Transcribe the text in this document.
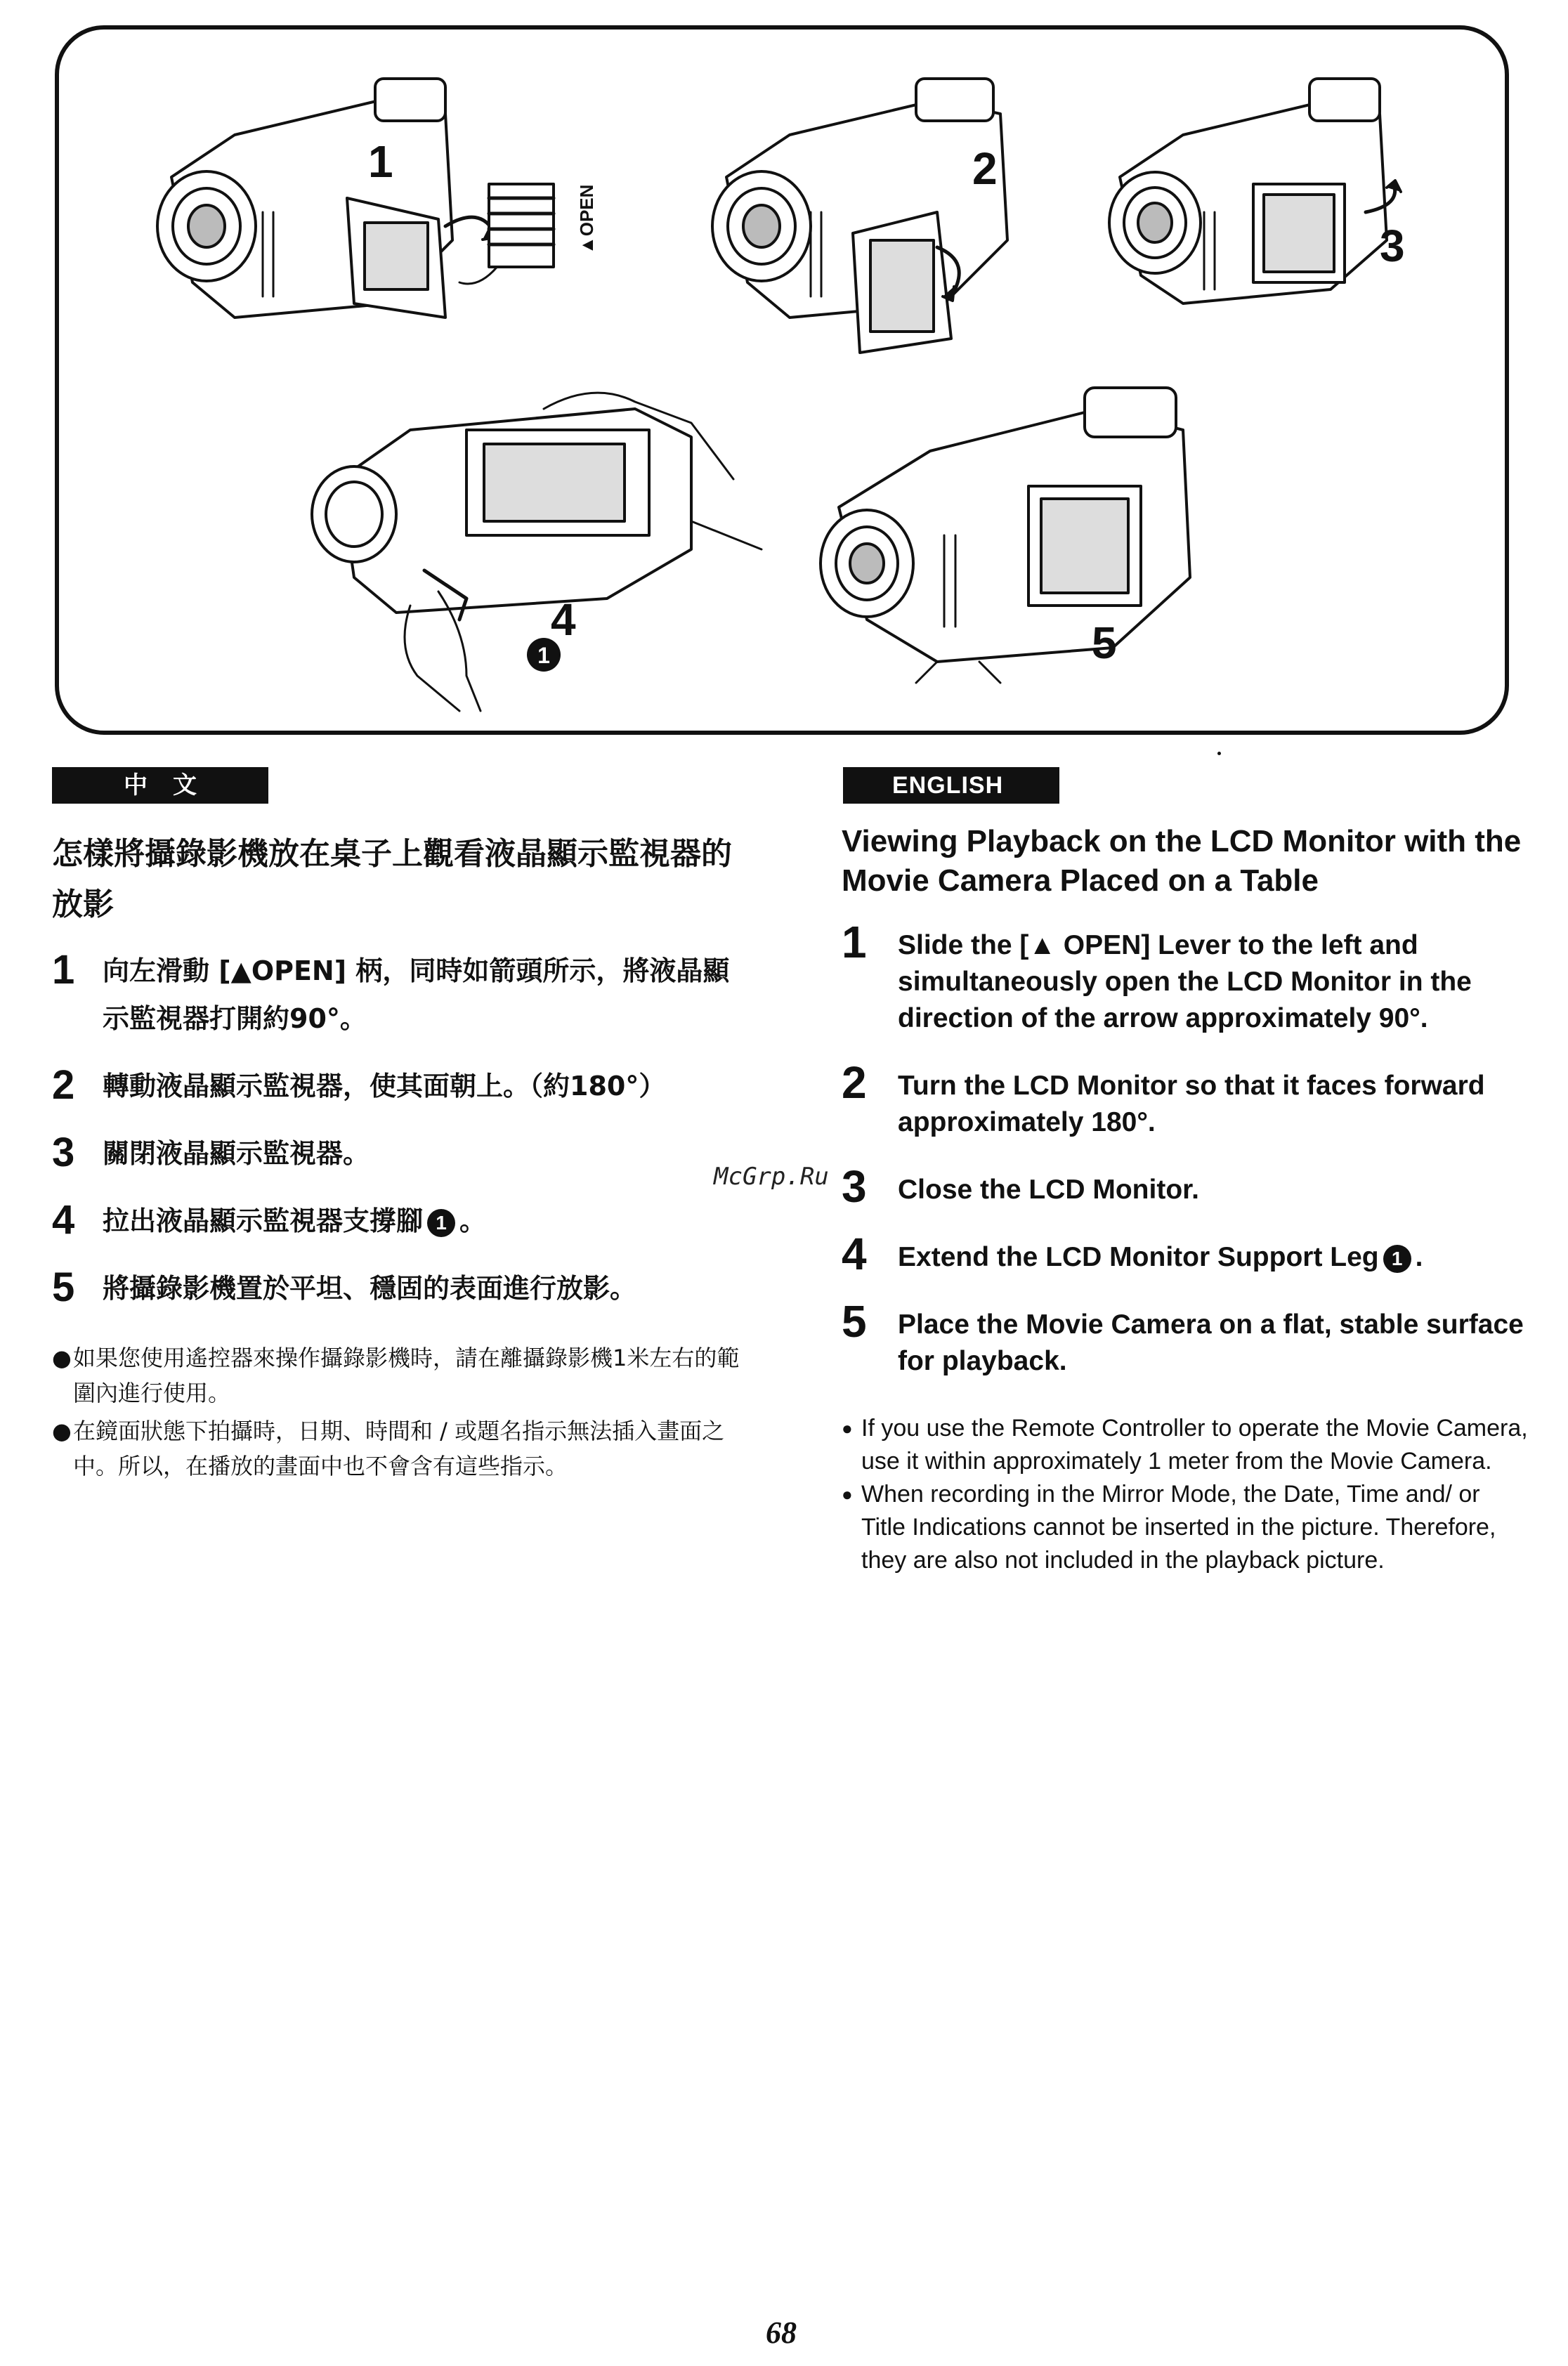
1
▲OPEN
2
3
4
1	5
中文	ENGLISH
怎樣將攝錄影機放在桌子上觀看液晶顯示監視器的放影
1	向左滑動 [▲OPEN] 柄，同時如箭頭所示，將液晶顯示監視器打開約90°。
2	轉動液晶顯示監視器，使其面朝上。（約180°）
3	關閉液晶顯示監視器。
4	拉出液晶顯示監視器支撐腳 1 。
5	將攝錄影機置於平坦、穩固的表面進行放影。
● 如果您使用遙控器來操作攝錄影機時，請在離攝錄影機1米左右的範圍內進行使用。
● 在鏡面狀態下拍攝時，日期、時間和 / 或題名指示無法插入畫面之中。所以，在播放的畫面中也不會含有這些指示。
McGrp.Ru
Viewing Playback on the LCD Monitor with the Movie Camera Placed on a Table
1	Slide the [▲ OPEN] Lever to the left and simultaneously open the LCD Monitor in the direction of the arrow approximately 90°.
2	Turn the LCD Monitor so that it faces forward approximately 180°.
3	Close the LCD Monitor.
4	Extend the LCD Monitor Support Leg 1 .
5	Place the Movie Camera on a flat, stable surface for playback.
● If you use the Remote Controller to operate the Movie Camera, use it within approximately 1 meter from the Movie Camera.
● When recording in the Mirror Mode, the Date, Time and/ or Title Indications cannot be inserted in the picture. Therefore, they are also not included in the playback picture.
68
